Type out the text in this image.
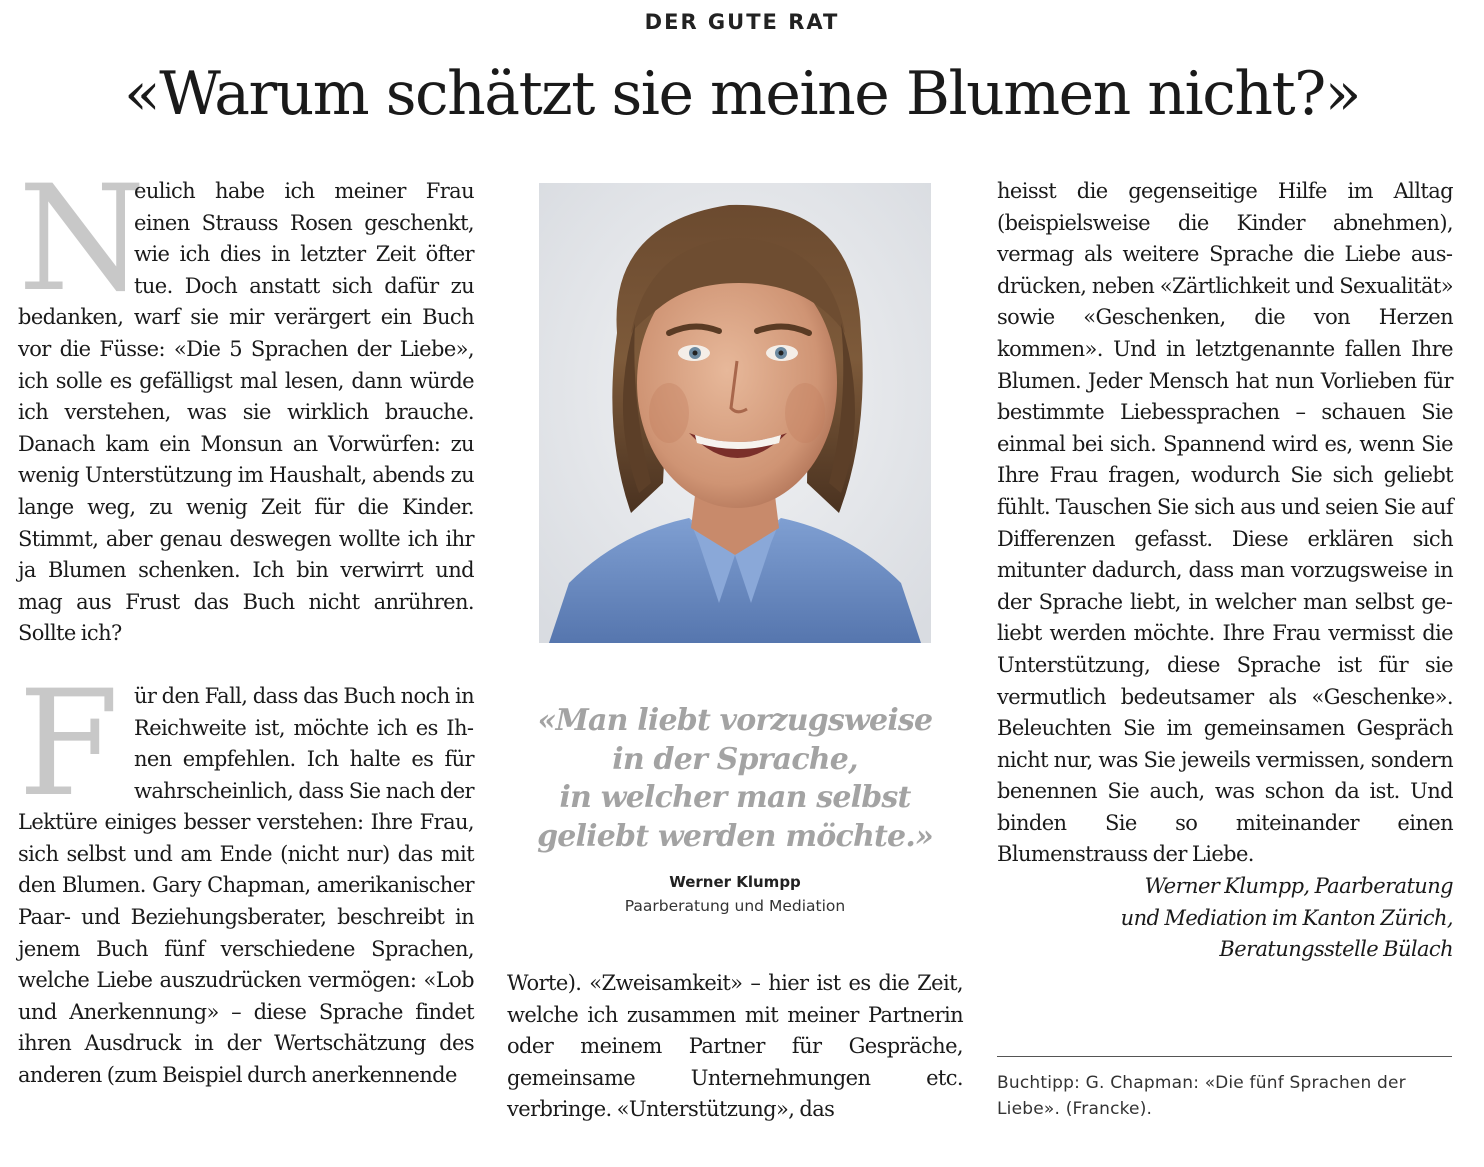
DER GUTE RAT
«Warum schätzt sie meine Blumen nicht?»

N
eulich habe ich meiner Frau einen Strauss Rosen geschenkt, wie ich dies in letzter Zeit öfter tue. Doch anstatt sich dafür zu bedanken, warf sie mir verärgert ein Buch vor die Füsse: «Die 5 Sprachen der Liebe», ich solle es gefälligst mal lesen, dann würde ich verstehen, was sie wirklich brauche. Danach kam ein Monsun an Vorwürfen: zu wenig Unterstützung im Haushalt, abends zu lange weg, zu wenig Zeit für die Kinder. Stimmt, aber genau deswegen wollte ich ihr ja Blumen schenken. Ich bin verwirrt und mag aus Frust das Buch nicht anrühren. Sollte ich?

F ür den Fall, dass das Buch noch in Reichweite ist, möchte ich es Ihnen empfehlen. Ich halte es für wahrscheinlich, dass Sie nach der Lektüre einiges besser verstehen: Ihre Frau, sich selbst und am Ende (nicht nur) das mit den Blumen. Gary Chapman, amerikanischer Paar- und Beziehungsberater, beschreibt in jenem Buch fünf verschiedene Sprachen, welche Liebe auszudrücken vermögen: «Lob und Anerkennung» – diese Sprache findet ihren Ausdruck in der Wertschätzung des anderen (zum Beispiel durch anerkennende

«Man liebt vorzugsweise
in der Sprache,
in welcher man selbst
geliebt werden möchte.»
Werner Klumpp
Paarberatung und Mediation

Worte). «Zweisamkeit» – hier ist es die Zeit, welche ich zusammen mit meiner Partnerin oder meinem Partner für Gespräche, gemeinsame Unternehmungen etc. verbringe. «Unterstützung», das

heisst die gegenseitige Hilfe im Alltag (beispielsweise die Kinder abnehmen), vermag als weitere Sprache die Liebe ausdrücken, neben «Zärtlichkeit und Sexualität» sowie «Geschenken, die von Herzen kommen». Und in letztgenannte fallen Ihre Blumen. Jeder Mensch hat nun Vorlieben für bestimmte Liebessprachen – schauen Sie einmal bei sich. Spannend wird es, wenn Sie Ihre Frau fragen, wodurch Sie sich geliebt fühlt. Tauschen Sie sich aus und seien Sie auf Differenzen gefasst. Diese erklären sich mitunter dadurch, dass man vorzugsweise in der Sprache liebt, in welcher man selbst geliebt werden möchte. Ihre Frau vermisst die Unterstützung, diese Sprache ist für sie vermutlich bedeutsamer als «Geschenke». Beleuchten Sie im gemeinsamen Gespräch nicht nur, was Sie jeweils vermissen, sondern benennen Sie auch, was schon da ist. Und binden Sie so miteinander einen Blumenstrauss der Liebe.

Werner Klumpp, Paarberatung
und Mediation im Kanton Zürich,
Beratungsstelle Bülach

Buchtipp: G. Chapman: «Die fünf Sprachen der Liebe». (Francke).
